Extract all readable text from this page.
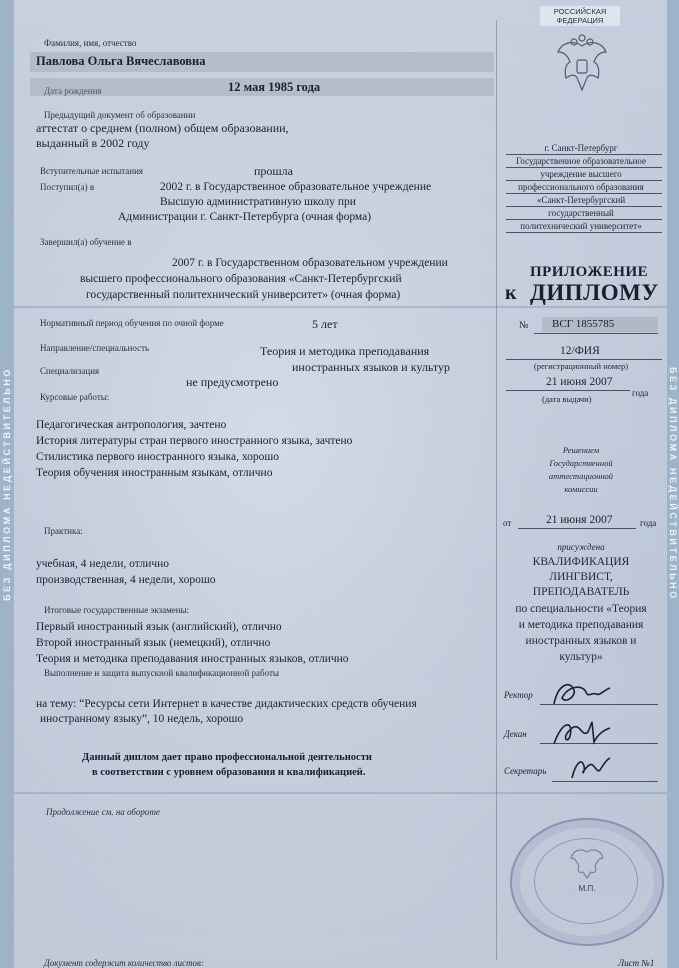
БЕЗ ДИПЛОМА НЕДЕЙСТВИТЕЛЬНО	БЕЗ ДИПЛОМА НЕДЕЙСТВИТЕЛЬНО
Фамилия, имя, отчество
Павлова Ольга Вячеславовна
Дата рождения	12 мая 1985 года
Предыдущий документ об образовании
аттестат о среднем (полном) общем образовании,
выданный в 2002 году
Вступительные испытания	прошла
Поступил(а) в	2002 г. в Государственное образовательное учреждение
Высшую административную школу при
Администрации г. Санкт-Петербурга (очная форма)
Завершил(а) обучение в
2007 г. в Государственном образовательном учреждении
высшего профессионального образования «Санкт-Петербургский
государственный политехнический университет» (очная форма)
Нормативный период обучения по очной форме	5 лет
Направление/специальность	Теория и методика преподавания
иностранных языков и культур
Специализация
не предусмотрено
Курсовые работы:
Педагогическая антропология, зачтено
История литературы стран первого иностранного языка, зачтено
Стилистика первого иностранного языка, хорошо
Теория обучения иностранным языкам, отлично
Практика:
учебная, 4 недели, отлично
производственная, 4 недели, хорошо
Итоговые государственные экзамены:
Первый иностранный язык (английский), отлично
Второй иностранный язык (немецкий), отлично
Теория и методика преподавания иностранных языков, отлично
Выполнение и защита выпускной квалификационной работы
на тему: “Ресурсы сети Интернет в качестве дидактических средств обучения
иностранному языку”, 10 недель, хорошо
Данный диплом дает право профессиональной деятельности
в соответствии с уровнем образования и квалификацией.
Продолжение см. на обороте
Документ содержит количество листов:
РОССИЙСКАЯ
ФЕДЕРАЦИЯ
г. Санкт-Петербург
Государственное образовательное
учреждение высшего
профессионального образования
«Санкт-Петербургский
государственный
политехнический университет»
ПРИЛОЖЕНИЕ
к ДИПЛОМУ
№ ВСГ 1855785
12/ФИЯ
(регистрационный номер)
21 июня 2007
года
(дата выдачи)
Решением
Государственной
аттестационной
комиссии
от	21 июня 2007	года
присуждена
КВАЛИФИКАЦИЯ
ЛИНГВИСТ,
ПРЕПОДАВАТЕЛЬ
по специальности «Теория
и методика преподавания
иностранных языков и
культур»
Ректор
Декан
Секретарь
М.П.
Лист №1
